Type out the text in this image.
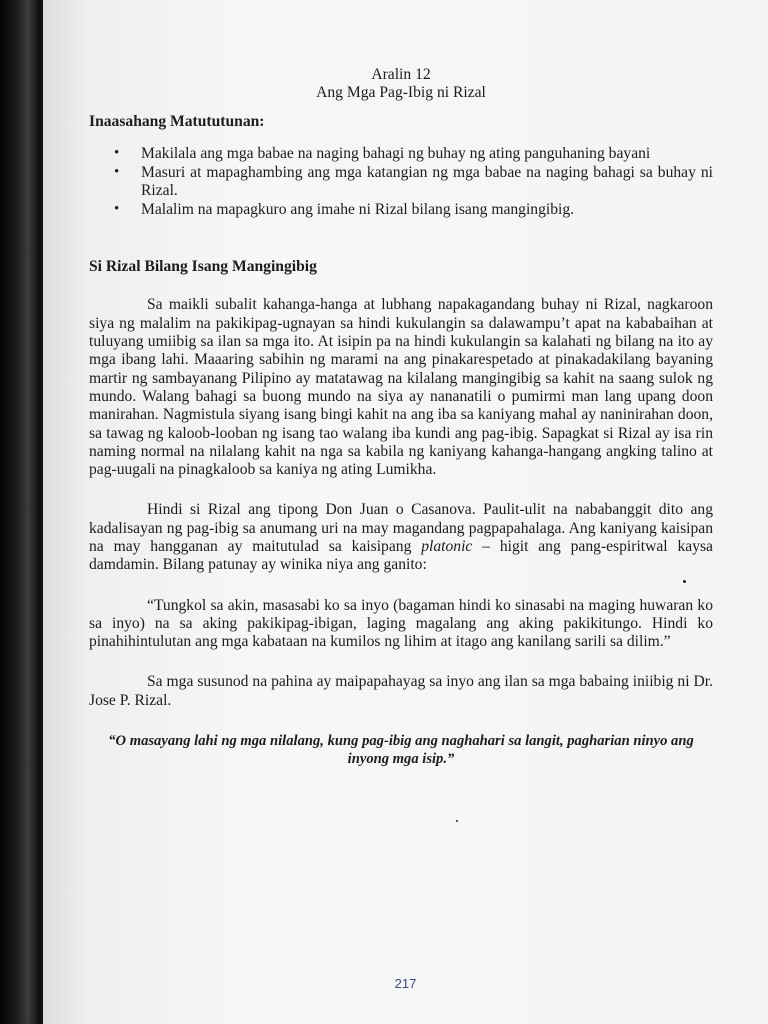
Aralin 12
Ang Mga Pag-Ibig ni Rizal
Inaasahang Matututunan:
• Makilala ang mga babae na naging bahagi ng buhay ng ating panguhaning bayani
• Masuri at mapaghambing ang mga katangian ng mga babae na naging bahagi sa buhay ni Rizal.
• Malalim na mapagkuro ang imahe ni Rizal bilang isang mangingibig.
Si Rizal Bilang Isang Mangingibig

Sa maikli subalit kahanga-hanga at lubhang napakagandang buhay ni Rizal, nagkaroon siya ng malalim na pakikipag-ugnayan sa hindi kukulangin sa dalawampu’t apat na kababaihan at tuluyang umiibig sa ilan sa mga ito. At isipin pa na hindi kukulangin sa kalahati ng bilang na ito ay mga ibang lahi. Maaaring sabihin ng marami na ang pinakarespetado at pinakadakilang bayaning martir ng sambayanang Pilipino ay matatawag na kilalang mangingibig sa kahit na saang sulok ng mundo. Walang bahagi sa buong mundo na siya ay nananatili o pumirmi man lang upang doon manirahan. Nagmistula siyang isang bingi kahit na ang iba sa kaniyang mahal ay naninirahan doon, sa tawag ng kaloob-looban ng isang tao walang iba kundi ang pag-ibig. Sapagkat si Rizal ay isa rin naming normal na nilalang kahit na nga sa kabila ng kaniyang kahanga-hangang angking talino at pag-uugali na pinagkaloob sa kaniya ng ating Lumikha.

Hindi si Rizal ang tipong Don Juan o Casanova. Paulit-ulit na nababanggit dito ang kadalisayan ng pag-ibig sa anumang uri na may magandang pagpapahalaga. Ang kaniyang kaisipan na may hangganan ay maitutulad sa kaisipang platonic – higit ang pang-espiritwal kaysa damdamin. Bilang patunay ay winika niya ang ganito:

“Tungkol sa akin, masasabi ko sa inyo (bagaman hindi ko sinasabi na maging huwaran ko sa inyo) na sa aking pakikipag-ibigan, laging magalang ang aking pakikitungo. Hindi ko pinahihintulutan ang mga kabataan na kumilos ng lihim at itago ang kanilang sarili sa dilim.”

Sa mga susunod na pahina ay maipapahayag sa inyo ang ilan sa mga babaing iniibig ni Dr. Jose P. Rizal.

“O masayang lahi ng mga nilalang, kung pag-ibig ang naghahari sa langit, pagharian ninyo ang inyong mga isip.”

217
